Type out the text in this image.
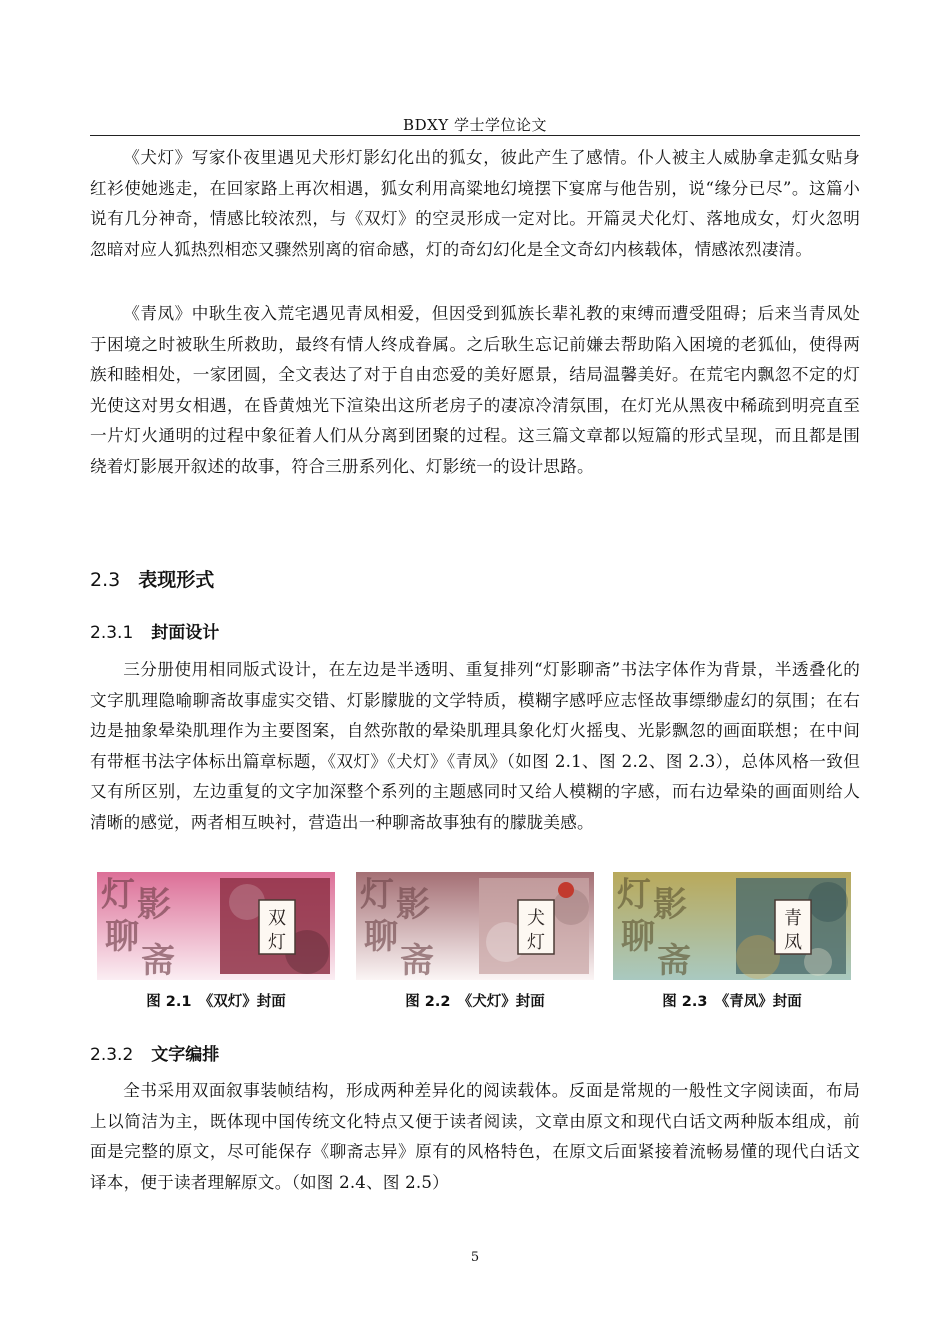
BDXY 学士学位论文

《犬灯》写家仆夜里遇见犬形灯影幻化出的狐女，彼此产生了感情。仆人被主人威胁拿走狐女贴身红衫使她逃走，在回家路上再次相遇，狐女利用高粱地幻境摆下宴席与他告别，说“缘分已尽”。这篇小说有几分神奇，情感比较浓烈，与《双灯》的空灵形成一定对比。开篇灵犬化灯、落地成女，灯火忽明忽暗对应人狐热烈相恋又骤然别离的宿命感，灯的奇幻幻化是全文奇幻内核载体，情感浓烈凄清。

《青凤》中耿生夜入荒宅遇见青凤相爱，但因受到狐族长辈礼教的束缚而遭受阻碍；后来当青凤处于困境之时被耿生所救助，最终有情人终成眷属。之后耿生忘记前嫌去帮助陷入困境的老狐仙，使得两族和睦相处，一家团圆，全文表达了对于自由恋爱的美好愿景，结局温馨美好。在荒宅内飘忽不定的灯光使这对男女相遇，在昏黄烛光下渲染出这所老房子的凄凉冷清氛围，在灯光从黑夜中稀疏到明亮直至一片灯火通明的过程中象征着人们从分离到团聚的过程。这三篇文章都以短篇的形式呈现，而且都是围绕着灯影展开叙述的故事，符合三册系列化、灯影统一的设计思路。

2.3 表现形式
2.3.1 封面设计

三分册使用相同版式设计，在左边是半透明、重复排列“灯影聊斋”书法字体作为背景，半透叠化的文字肌理隐喻聊斋故事虚实交错、灯影朦胧的文学特质，模糊字感呼应志怪故事缥缈虚幻的氛围；在右边是抽象晕染肌理作为主要图案，自然弥散的晕染肌理具象化灯火摇曳、光影飘忽的画面联想；在中间有带框书法字体标出篇章标题，《双灯》《犬灯》《青凤》（如图 2.1、图 2.2、图 2.3），总体风格一致但又有所区别，左边重复的文字加深整个系列的主题感同时又给人模糊的字感，而右边晕染的画面则给人清晰的感觉，两者相互映衬，营造出一种聊斋故事独有的朦胧美感。

灯 影
聊
斋
双
灯
图 2.1　《双灯》封面
灯 影
聊
斋
犬
灯
图 2.2　《犬灯》封面
灯 影
聊
斋
青
凤
图 2.3　《青凤》封面
2.3.2 文字编排

全书采用双面叙事装帧结构，形成两种差异化的阅读载体。反面是常规的一般性文字阅读面，布局上以简洁为主，既体现中国传统文化特点又便于读者阅读，文章由原文和现代白话文两种版本组成，前面是完整的原文，尽可能保存《聊斋志异》原有的风格特色，在原文后面紧接着流畅易懂的现代白话文译本，便于读者理解原文。（如图 2.4、图 2.5）

5
